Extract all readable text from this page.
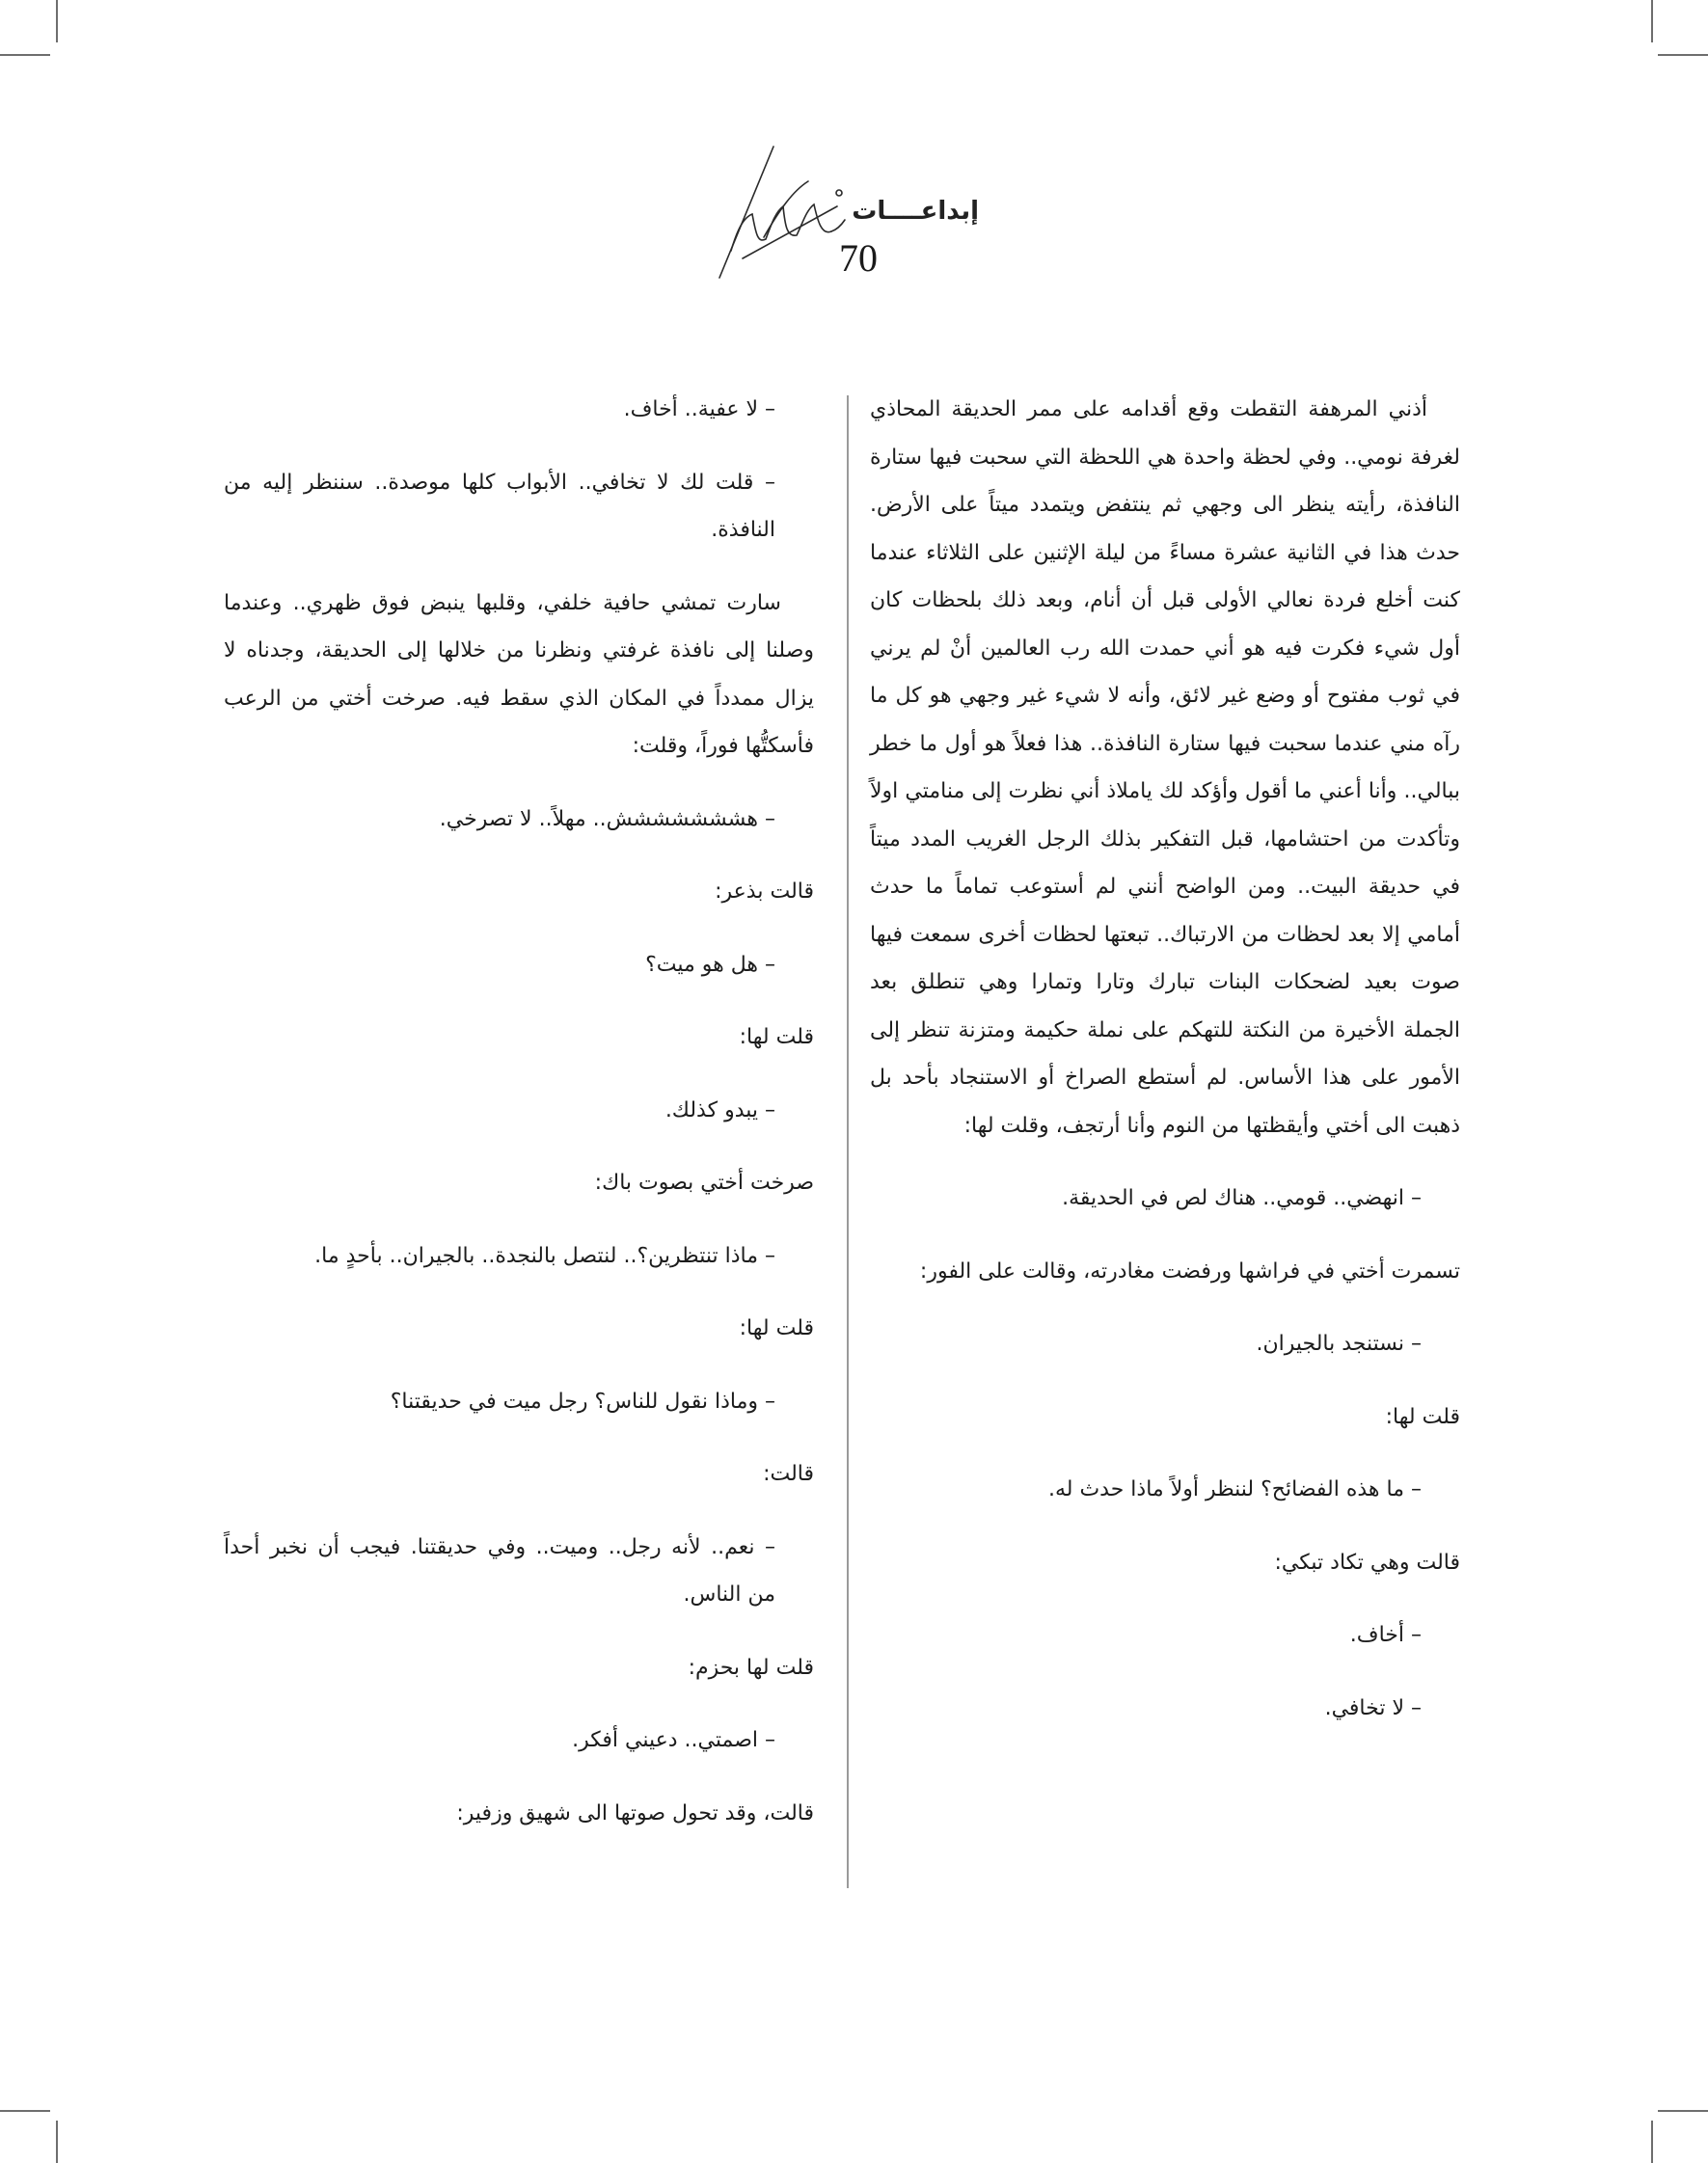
إبداعــــات
70

أذني المرهفة التقطت وقع أقدامه على ممر الحديقة المحاذي لغرفة نومي.. وفي لحظة واحدة هي اللحظة التي سحبت فيها ستارة النافذة، رأيته ينظر الى وجهي ثم ينتفض ويتمدد ميتاً على الأرض. حدث هذا في الثانية عشرة مساءً من ليلة الإثنين على الثلاثاء عندما كنت أخلع فردة نعالي الأولى قبل أن أنام، وبعد ذلك بلحظات كان أول شيء فكرت فيه هو أني حمدت الله رب العالمين أنْ لم يرني في ثوب مفتوح أو وضع غير لائق، وأنه لا شيء غير وجهي هو كل ما رآه مني عندما سحبت فيها ستارة النافذة.. هذا فعلاً هو أول ما خطر ببالي.. وأنا أعني ما أقول وأؤكد لك ياملاذ أني نظرت إلى منامتي اولاً وتأكدت من احتشامها، قبل التفكير بذلك الرجل الغريب المدد ميتاً في حديقة البيت.. ومن الواضح أنني لم أستوعب تماماً ما حدث أمامي إلا بعد لحظات من الارتباك.. تبعتها لحظات أخرى سمعت فيها صوت بعيد لضحكات البنات تبارك وتارا وتمارا وهي تنطلق بعد الجملة الأخيرة من النكتة للتهكم على نملة حكيمة ومتزنة تنظر إلى الأمور على هذا الأساس. لم أستطع الصراخ أو الاستنجاد بأحد بل ذهبت الى أختي وأيقظتها من النوم وأنا أرتجف، وقلت لها:

– انهضي.. قومي.. هناك لص في الحديقة.

تسمرت أختي في فراشها ورفضت مغادرته، وقالت على الفور:

– نستنجد بالجيران.

قلت لها:

– ما هذه الفضائح؟ لننظر أولاً ماذا حدث له.

قالت وهي تكاد تبكي:

– أخاف.

– لا تخافي.

– لا عفية.. أخاف.

– قلت لك لا تخافي.. الأبواب كلها موصدة.. سننظر إليه من النافذة.

سارت تمشي حافية خلفي، وقلبها ينبض فوق ظهري.. وعندما وصلنا إلى نافذة غرفتي ونظرنا من خلالها إلى الحديقة، وجدناه لا يزال ممدداً في المكان الذي سقط فيه. صرخت أختي من الرعب فأسكتُّها فوراً، وقلت:

– هششششششش.. مهلاً.. لا تصرخي.

قالت بذعر:

– هل هو ميت؟

قلت لها:

– يبدو كذلك.

صرخت أختي بصوت باك:

– ماذا تنتظرين؟.. لنتصل بالنجدة.. بالجيران.. بأحدٍ ما.

قلت لها:

– وماذا نقول للناس؟ رجل ميت في حديقتنا؟

قالت:

– نعم.. لأنه رجل.. وميت.. وفي حديقتنا. فيجب أن نخبر أحداً من الناس.

قلت لها بحزم:

– اصمتي.. دعيني أفكر.

قالت، وقد تحول صوتها الى شهيق وزفير:
